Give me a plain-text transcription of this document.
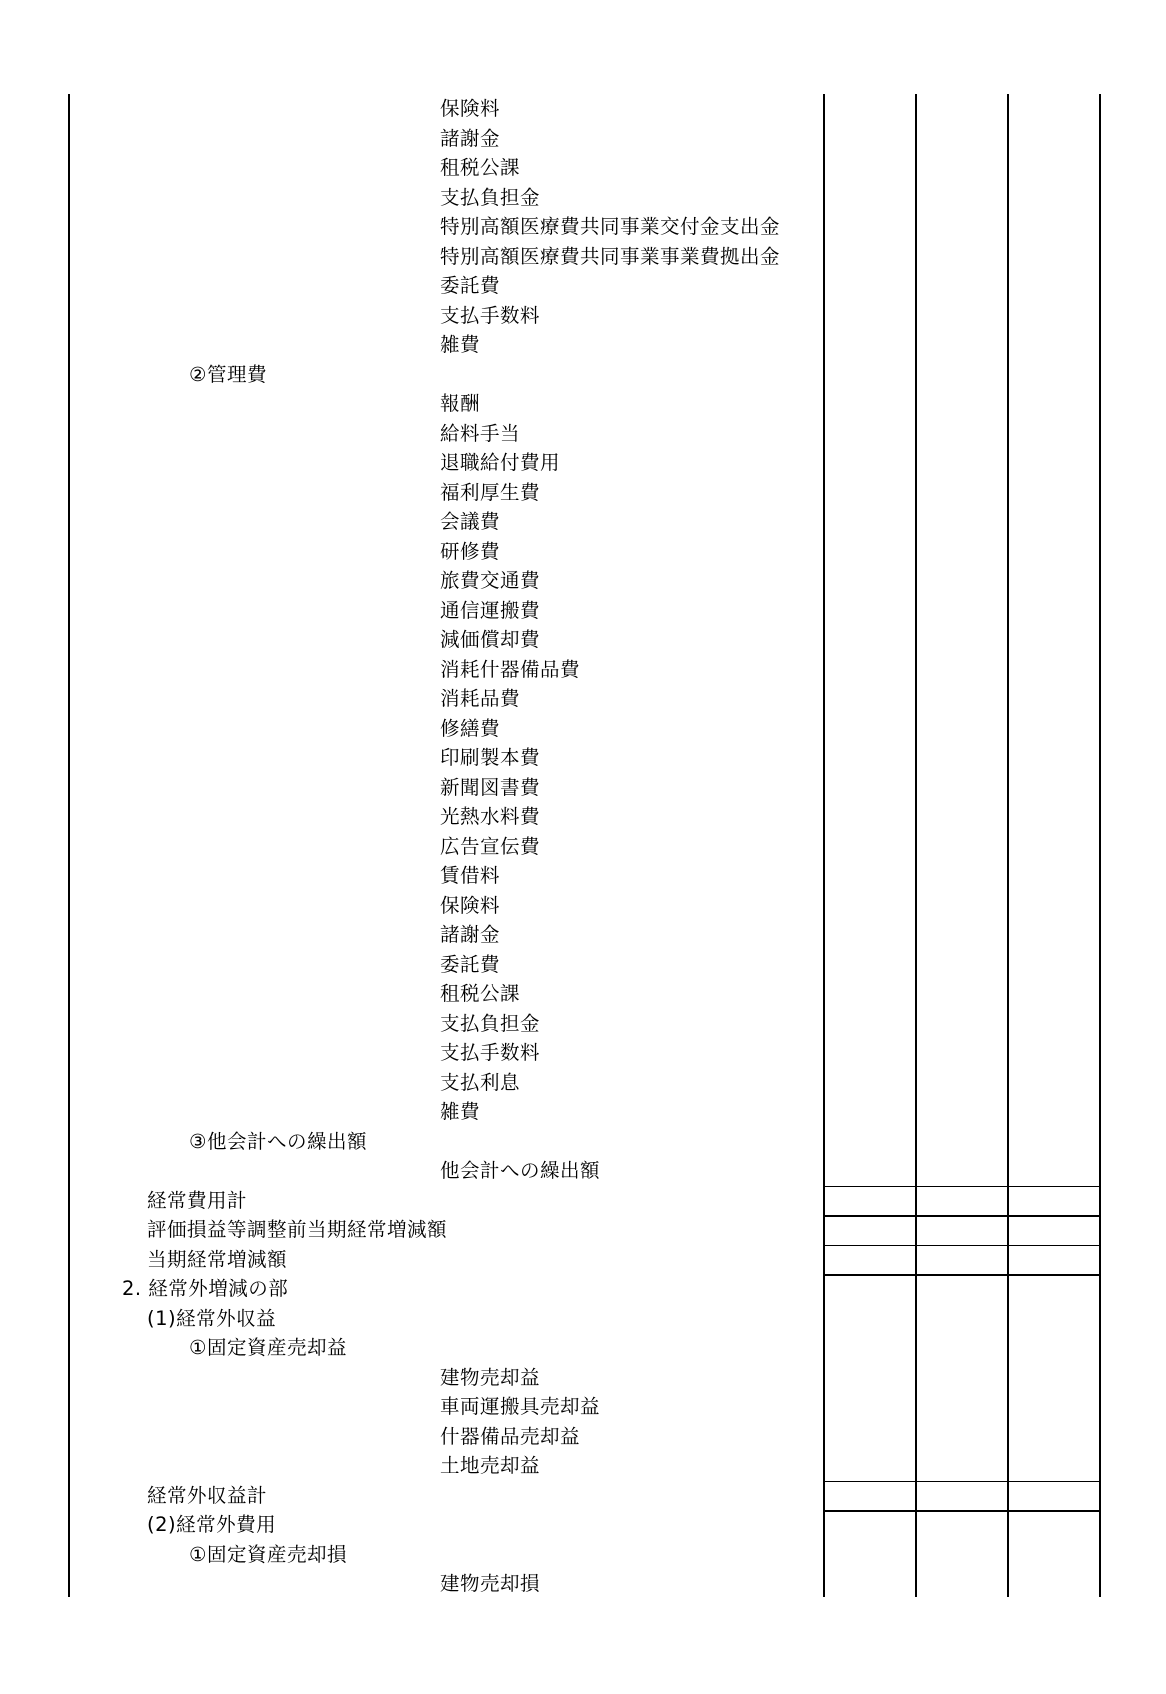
保険料
諸謝金
租税公課
支払負担金
特別高額医療費共同事業交付金支出金
特別高額医療費共同事業事業費拠出金
委託費
支払手数料
雑費
②管理費
報酬
給料手当
退職給付費用
福利厚生費
会議費
研修費
旅費交通費
通信運搬費
減価償却費
消耗什器備品費
消耗品費
修繕費
印刷製本費
新聞図書費
光熱水料費
広告宣伝費
賃借料
保険料
諸謝金
委託費
租税公課
支払負担金
支払手数料
支払利息
雑費
③他会計への繰出額
他会計への繰出額
経常費用計
評価損益等調整前当期経常増減額
当期経常増減額
2. 経常外増減の部
(1)経常外収益
①固定資産売却益
建物売却益
車両運搬具売却益
什器備品売却益
土地売却益
経常外収益計
(2)経常外費用
①固定資産売却損
建物売却損
